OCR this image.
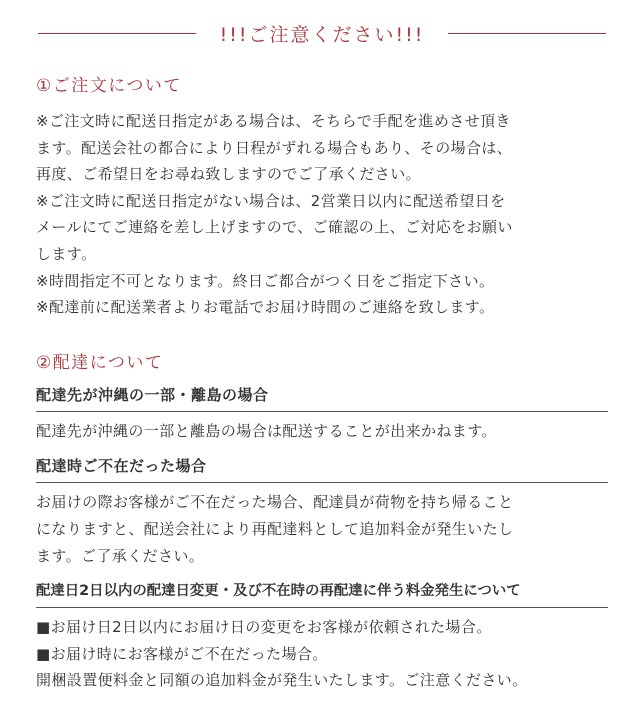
!!!ご注意ください!!!
①ご注文について

※ご注文時に配送日指定がある場合は、そちらで手配を進めさせ頂き

ます。配送会社の都合により日程がずれる場合もあり、その場合は、

再度、ご希望日をお尋ね致しますのでご了承ください。

※ご注文時に配送日指定がない場合は、2営業日以内に配送希望日を

メールにてご連絡を差し上げますので、ご確認の上、ご対応をお願い

します。

※時間指定不可となります。終日ご都合がつく日をご指定下さい。

※配達前に配送業者よりお電話でお届け時間のご連絡を致します。

②配達について
配達先が沖縄の一部・離島の場合

配達先が沖縄の一部と離島の場合は配送することが出来かねます。

配達時ご不在だった場合

お届けの際お客様がご不在だった場合、配達員が荷物を持ち帰ること

になりますと、配送会社により再配達料として追加料金が発生いたし

ます。ご了承ください。

配達日2日以内の配達日変更・及び不在時の再配達に伴う料金発生について

■お届け日2日以内にお届け日の変更をお客様が依頼された場合。

■お届け時にお客様がご不在だった場合。

開梱設置便料金と同額の追加料金が発生いたします。ご注意ください。
